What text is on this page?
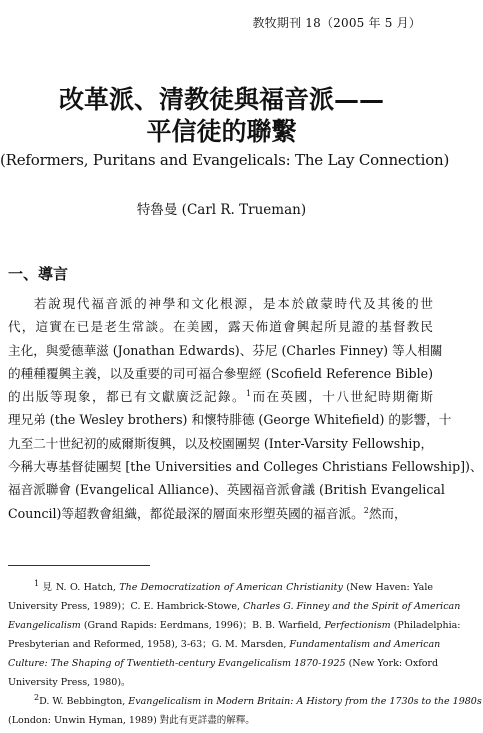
教牧期刊 18（2005 年 5 月）
改革派、清教徒與福音派——
平信徒的聯繫
(Reformers, Puritans and Evangelicals: The Lay Connection)
特魯曼 (Carl R. Trueman)
一、導言
若說現代福音派的神學和文化根源，是本於啟蒙時代及其後的世
代，這實在已是老生常談。在美國，露天佈道會興起所見證的基督教民
主化，與愛德華滋 (Jonathan Edwards)、芬尼 (Charles Finney) 等人相關
的種種覆興主義，以及重要的司可福合參聖經 (Scofield Reference Bible)
的出版等現象，都已有文獻廣泛記錄。$^1$而在英國，十八世紀時期衛斯
理兄弟 (the Wesley brothers) 和懷特腓德 (George Whitefield) 的影響，十
九至二十世紀初的威爾斯復興，以及校園團契 (Inter-Varsity Fellowship，
今稱大專基督徒團契 [the Universities and Colleges Christians Fellowship])、
福音派聯會 (Evangelical Alliance)、英國福音派會議 (British Evangelical
Council)等超教會組織，都從最深的層面來形塑英國的福音派。$^2$然而，
$^1$ 見 N. O. Hatch, The Democratization of American Christianity (New Haven: Yale
University Press, 1989)；C. E. Hambrick-Stowe, Charles G. Finney and the Spirit of American
Evangelicalism (Grand Rapids: Eerdmans, 1996)；B. B. Warfield, Perfectionism (Philadelphia:
Presbyterian and Reformed, 1958), 3-63；G. M. Marsden, Fundamentalism and American
Culture: The Shaping of Twentieth-century Evangelicalism 1870-1925 (New York: Oxford
University Press, 1980)。
$^2$D. W. Bebbington, Evangelicalism in Modern Britain: A History from the 1730s to the 1980s
(London: Unwin Hyman, 1989) 對此有更詳盡的解釋。
